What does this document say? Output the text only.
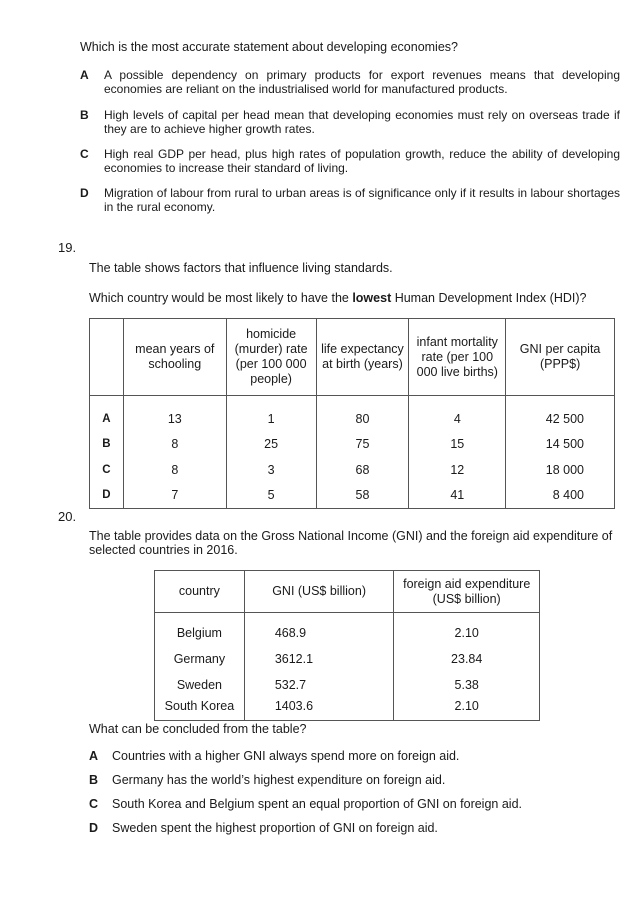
Which is the most accurate statement about developing economies?
A A possible dependency on primary products for export revenues means that developing economies are reliant on the industrialised world for manufactured products.
B High levels of capital per head mean that developing economies must rely on overseas trade if they are to achieve higher growth rates.
C High real GDP per head, plus high rates of population growth, reduce the ability of developing economies to increase their standard of living.
D Migration of labour from rural to urban areas is of significance only if it results in labour shortages in the rural economy.
19.
The table shows factors that influence living standards.
Which country would be most likely to have the lowest Human Development Index (HDI)?
	mean years of schooling	homicide (murder) rate (per 100 000 people)	life expectancy at birth (years)	infant mortality rate (per 100 000 live births)	GNI per capita (PPP$)
A	13	1	80	4	42 500
B	8	25	75	15	14 500
C	8	3	68	12	18 000
D	7	5	58	41	8 400
20.
The table provides data on the Gross National Income (GNI) and the foreign aid expenditure of selected countries in 2016.
country	GNI (US$ billion)	foreign aid expenditure (US$ billion)
Belgium	468.9	2.10
Germany	3612.1	23.84
Sweden	532.7	5.38
South Korea	1403.6	2.10
What can be concluded from the table?
A Countries with a higher GNI always spend more on foreign aid.
B Germany has the world’s highest expenditure on foreign aid.
C South Korea and Belgium spent an equal proportion of GNI on foreign aid.
D Sweden spent the highest proportion of GNI on foreign aid.
